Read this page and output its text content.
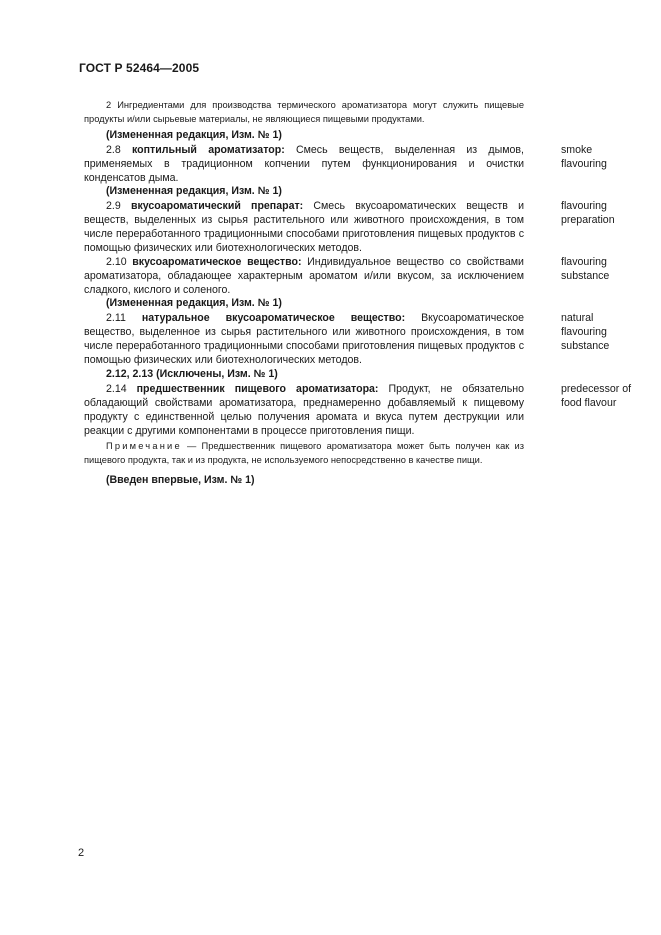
ГОСТ Р 52464—2005
2 Ингредиентами для производства термического ароматизатора могут служить пищевые продукты и/или сырьевые материалы, не являющиеся пищевыми продуктами.
(Измененная редакция, Изм. № 1)
2.8 коптильный ароматизатор: Смесь веществ, выделенная из дымов, применяемых в традиционном копчении путем функционирования и очистки конденсатов дыма.
smoke
flavouring
(Измененная редакция, Изм. № 1)
2.9 вкусоароматический препарат: Смесь вкусоароматических веществ и веществ, выделенных из сырья растительного или животного происхождения, в том числе переработанного традиционными способами приготовления пищевых продуктов с помощью физических или биотехнологических методов.
flavouring
preparation
2.10 вкусоароматическое вещество: Индивидуальное вещество со свойствами ароматизатора, обладающее характерным ароматом и/или вкусом, за исключением сладкого, кислого и соленого.
flavouring
substance
(Измененная редакция, Изм. № 1)
2.11 натуральное вкусоароматическое вещество: Вкусоароматическое вещество, выделенное из сырья растительного или животного происхождения, в том числе переработанного традиционными способами приготовления пищевых продуктов с помощью физических или биотехнологических методов.
natural
flavouring
substance
2.12, 2.13 (Исключены, Изм. № 1)
2.14 предшественник пищевого ароматизатора: Продукт, не обязательно обладающий свойствами ароматизатора, преднамеренно добавляемый к пищевому продукту с единственной целью получения аромата и вкуса путем деструкции или реакции с другими компонентами в процессе приготовления пищи.
predecessor of
food flavour
Примечание — Предшественник пищевого ароматизатора может быть получен как из пищевого продукта, так и из продукта, не используемого непосредственно в качестве пищи.
(Введен впервые, Изм. № 1)
2
